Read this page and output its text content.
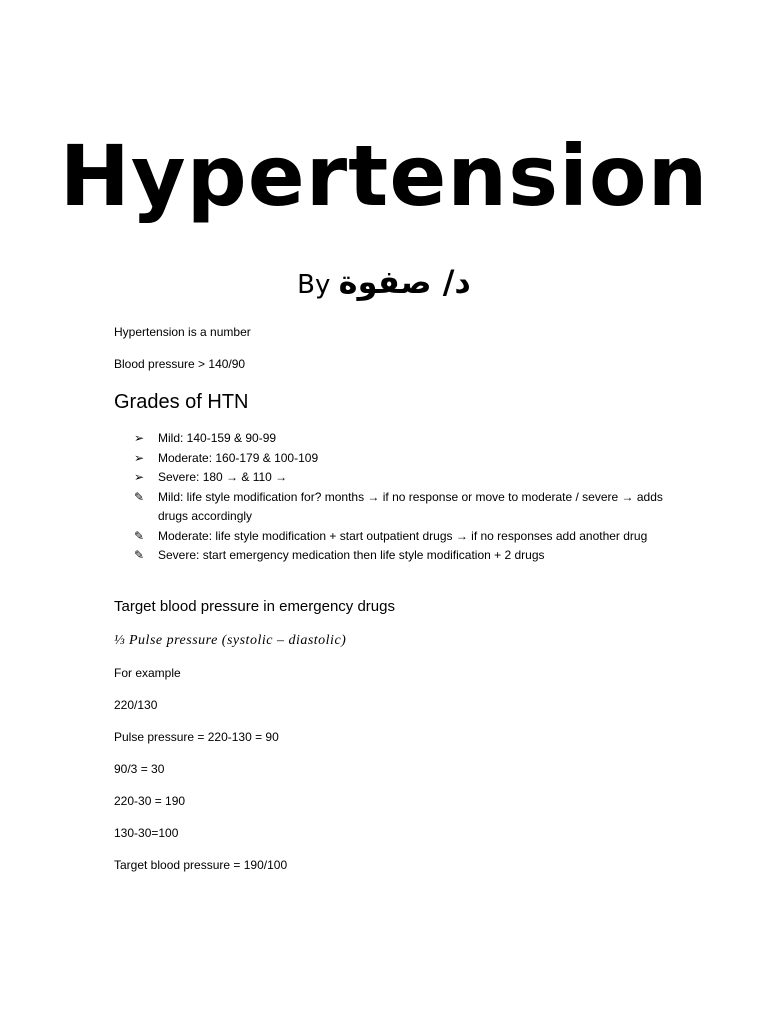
Hypertension
By د/ صفوة
Hypertension is a number
Blood pressure > 140/90
Grades of HTN
➢ Mild: 140-159 & 90-99
➢ Moderate: 160-179 & 100-109
➢ Severe: 180 → & 110 →
✎ Mild: life style modification for? months → if no response or move to moderate / severe → adds drugs accordingly
✎ Moderate: life style modification + start outpatient drugs → if no responses add another drug
✎ Severe: start emergency medication then life style modification + 2 drugs
Target blood pressure in emergency drugs
⅓ Pulse pressure (systolic – diastolic)
For example
220/130
Pulse pressure = 220-130 = 90
90/3 = 30
220-30 = 190
130-30=100
Target blood pressure = 190/100
